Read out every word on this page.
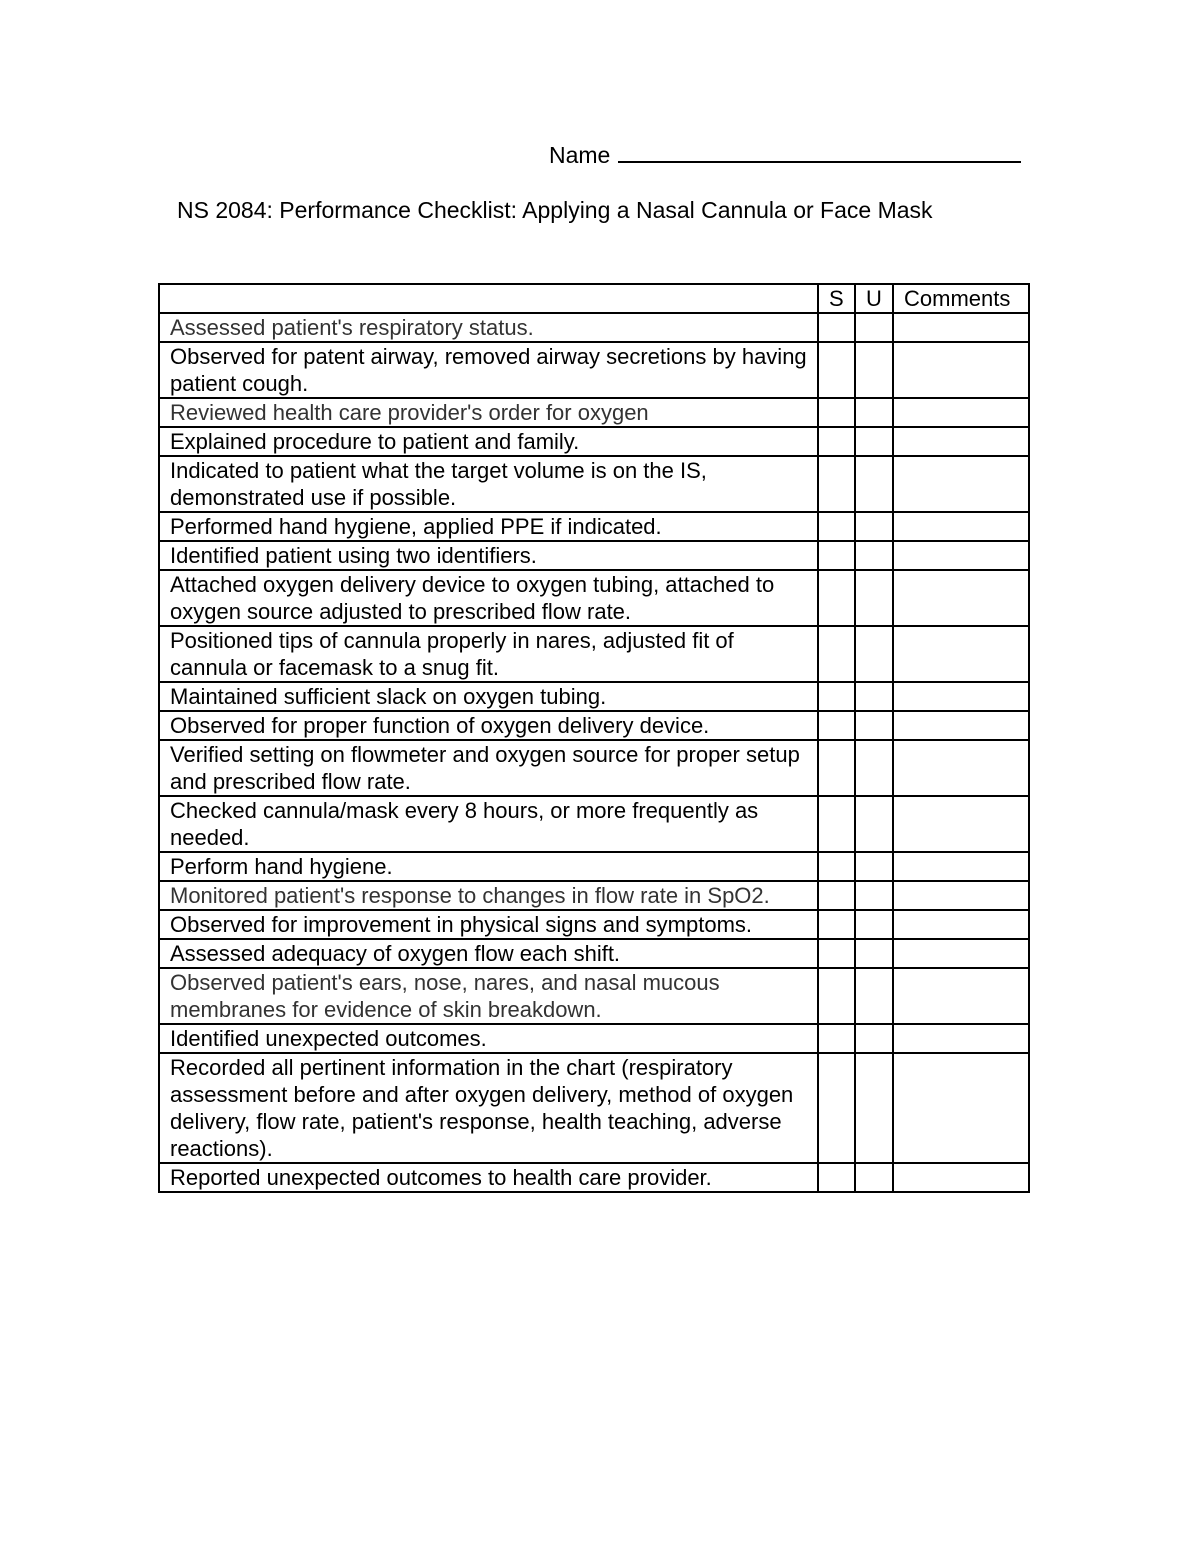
Name
NS 2084: Performance Checklist: Applying a Nasal Cannula or Face Mask
	S	U	Comments
Assessed patient's respiratory status.			
Observed for patent airway, removed airway secretions by having patient cough.			
Reviewed health care provider's order for oxygen			
Explained procedure to patient and family.			
Indicated to patient what the target volume is on the IS, demonstrated use if possible.			
Performed hand hygiene, applied PPE if indicated.			
Identified patient using two identifiers.			
Attached oxygen delivery device to oxygen tubing, attached to oxygen source adjusted to prescribed flow rate.			
Positioned tips of cannula properly in nares, adjusted fit of cannula or facemask to a snug fit.			
Maintained sufficient slack on oxygen tubing.			
Observed for proper function of oxygen delivery device.			
Verified setting on flowmeter and oxygen source for proper setup and prescribed flow rate.			
Checked cannula/mask every 8 hours, or more frequently as needed.			
Perform hand hygiene.			
Monitored patient's response to changes in flow rate in SpO2.			
Observed for improvement in physical signs and symptoms.			
Assessed adequacy of oxygen flow each shift.			
Observed patient's ears, nose, nares, and nasal mucous membranes for evidence of skin breakdown.			
Identified unexpected outcomes.			
Recorded all pertinent information in the chart (respiratory assessment before and after oxygen delivery, method of oxygen delivery, flow rate, patient's response, health teaching, adverse reactions).			
Reported unexpected outcomes to health care provider.			
